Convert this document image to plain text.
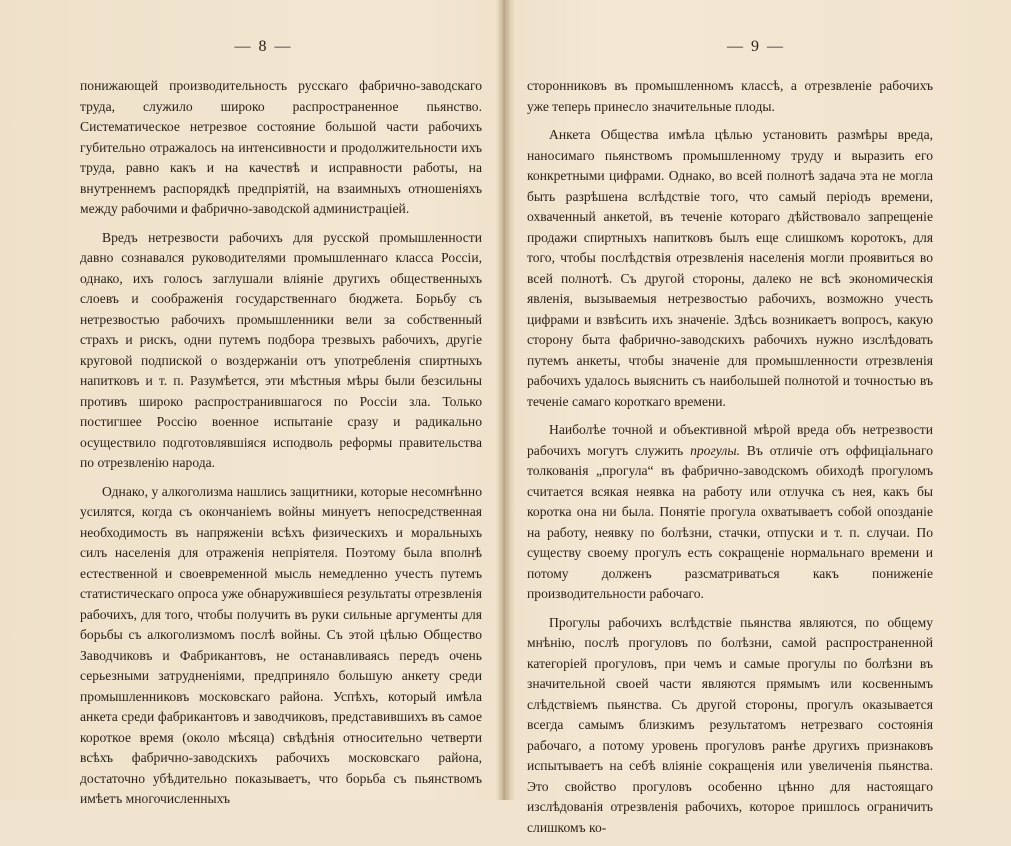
— 8 —

понижающей производительность русскаго фабрично-заводскаго труда, служило широко распространенное пьянство. Систематическое нетрезвое состояние большой части рабочихъ губительно отражалось на интенсивности и продолжительности ихъ труда, равно какъ и на качествѣ и исправности работы, на внутреннемъ распорядкѣ предпріятій, на взаимныхъ отношеніяхъ между рабочими и фабрично-заводской администраціей.

Вредъ нетрезвости рабочихъ для русской промышленности давно сознавался руководителями промышленнаго класса Россіи, однако, ихъ голосъ заглушали вліяніе другихъ общественныхъ слоевъ и соображенія государственнаго бюджета. Борьбу съ нетрезвостью рабочихъ промышленники вели за собственный страхъ и рискъ, одни путемъ подбора трезвыхъ рабочихъ, другіе круговой подпиской о воздержаніи отъ употребленія спиртныхъ напитковъ и т. п. Разумѣется, эти мѣстныя мѣры были безсильны противъ широко распространившагося по Россіи зла. Только постигшее Россію военное испытаніе сразу и радикально осуществило подготовлявшіяся исподволь реформы правительства по отрезвленію народа.

Однако, у алкоголизма нашлись защитники, которые несомнѣнно усилятся, когда съ окончаніемъ войны минуетъ непосредственная необходимость въ напряженіи всѣхъ физическихъ и моральныхъ силъ населенія для отраженія непріятеля. Поэтому была вполнѣ естественной и своевременной мысль немедленно учесть путемъ статистическаго опроса уже обнаружившіеся результаты отрезвленія рабочихъ, для того, чтобы получить въ руки сильные аргументы для борьбы съ алкоголизмомъ послѣ войны. Съ этой цѣлью Общество Заводчиковъ и Фабрикантовъ, не останавливаясь передъ очень серьезными затрудненіями, предприняло большую анкету среди промышленниковъ московскаго района. Успѣхъ, который имѣла анкета среди фабрикантовъ и заводчиковъ, представившихъ въ самое короткое время (около мѣсяца) свѣдѣнія относительно четверти всѣхъ фабрично-заводскихъ рабочихъ московскаго района, достаточно убѣдительно показываетъ, что борьба съ пьянствомъ имѣетъ многочисленныхъ

— 9 —

сторонниковъ въ промышленномъ классѣ, а отрезвленіе рабочихъ уже теперь принесло значительные плоды.

Анкета Общества имѣла цѣлью установить размѣры вреда, наносимаго пьянствомъ промышленному труду и выразить его конкретными цифрами. Однако, во всей полнотѣ задача эта не могла быть разрѣшена вслѣдствіе того, что самый періодъ времени, охваченный анкетой, въ теченіе котораго дѣйствовало запрещеніе продажи спиртныхъ напитковъ былъ еще слишкомъ коротокъ, для того, чтобы послѣдствія отрезвленія населенія могли проявиться во всей полнотѣ. Съ другой стороны, далеко не всѣ экономическія явленія, вызываемыя нетрезвостью рабочихъ, возможно учесть цифрами и взвѣсить ихъ значеніе. Здѣсь возникаетъ вопросъ, какую сторону быта фабрично-заводскихъ рабочихъ нужно изслѣдовать путемъ анкеты, чтобы значеніе для промышленности отрезвленія рабочихъ удалось выяснить съ наибольшей полнотой и точностью въ теченіе самаго короткаго времени.

Наиболѣе точной и объективной мѣрой вреда объ нетрезвости рабочихъ могутъ служить прогулы. Въ отличіе отъ оффиціальнаго толкованія „прогула“ въ фабрично-заводскомъ обиходѣ прогуломъ считается всякая неявка на работу или отлучка съ нея, какъ бы коротка она ни была. Понятіе прогула охватываетъ собой опозданіе на работу, неявку по болѣзни, стачки, отпуски и т. п. случаи. По существу своему прогулъ есть сокращеніе нормальнаго времени и потому долженъ разсматриваться какъ пониженіе производительности рабочаго.

Прогулы рабочихъ вслѣдствіе пьянства являются, по общему мнѣнію, послѣ прогуловъ по болѣзни, самой распространенной категоріей прогуловъ, при чемъ и самые прогулы по болѣзни въ значительной своей части являются прямымъ или косвеннымъ слѣдствіемъ пьянства. Съ другой стороны, прогулъ оказывается всегда самымъ близкимъ результатомъ нетрезваго состоянія рабочаго, а потому уровень прогуловъ ранѣе другихъ признаковъ испытываетъ на себѣ вліяніе сокращенія или увеличенія пьянства. Это свойство прогуловъ особенно цѣнно для настоящаго изслѣдованія отрезвленія рабочихъ, которое пришлось ограничить слишкомъ ко-
